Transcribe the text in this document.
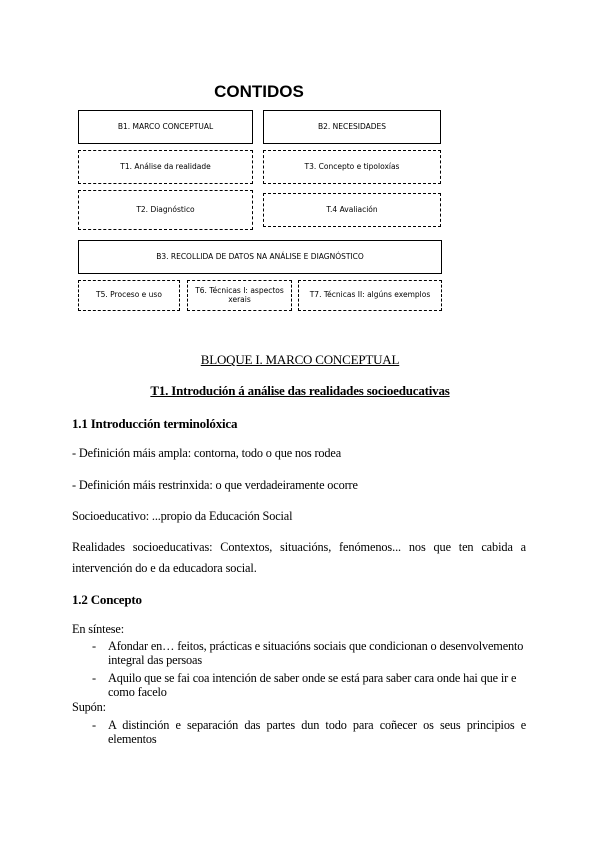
CONTIDOS
B1. MARCO CONCEPTUAL	B2. NECESIDADES
T1. Análise da realidade	T3. Concepto e tipoloxías
T2. Diagnóstico	T.4 Avaliación
B3. RECOLLIDA DE DATOS NA ANÁLISE E DIAGNÓSTICO
T5. Proceso e uso	T6. Técnicas I: aspectos xerais	T7. Técnicas II: algúns exemplos
BLOQUE I. MARCO CONCEPTUAL
T1. Introdución á análise das realidades socioeducativas
1.1 Introducción terminolóxica
- Definición máis ampla: contorna, todo o que nos rodea
- Definición máis restrinxida: o que verdadeiramente ocorre
Socioeducativo: ...propio da Educación Social
Realidades socioeducativas: Contextos, situacións, fenómenos... nos que ten cabida a intervención do e da educadora social.
1.2 Concepto
En síntese:
- Afondar en… feitos, prácticas e situacións sociais que condicionan o desenvolvemento integral das persoas
- Aquilo que se fai coa intención de saber onde se está para saber cara onde hai que ir e como facelo
Supón:
- A distinción e separación das partes dun todo para coñecer os seus principios e elementos
